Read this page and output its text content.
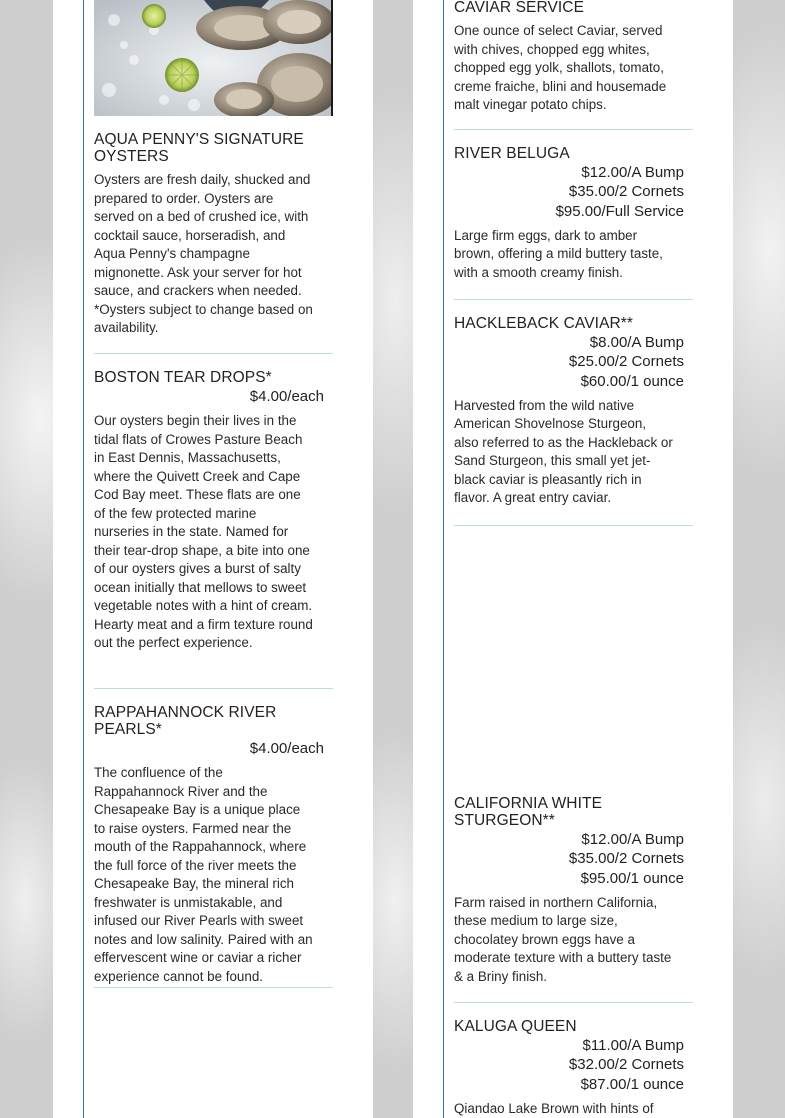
AQUA PENNY'S SIGNATURE OYSTERS
Oysters are fresh daily, shucked and prepared to order. Oysters are served on a bed of crushed ice, with cocktail sauce, horseradish, and Aqua Penny's champagne mignonette. Ask your server for hot sauce, and crackers when needed. *Oysters subject to change based on availability.
BOSTON TEAR DROPS*
$4.00/each
Our oysters begin their lives in the tidal flats of Crowes Pasture Beach in East Dennis, Massachusetts, where the Quivett Creek and Cape Cod Bay meet. These flats are one of the few protected marine nurseries in the state. Named for their tear-drop shape, a bite into one of our oysters gives a burst of salty ocean initially that mellows to sweet vegetable notes with a hint of cream. Hearty meat and a firm texture round out the perfect experience.
RAPPAHANNOCK RIVER PEARLS*
$4.00/each
The confluence of the Rappahannock River and the Chesapeake Bay is a unique place to raise oysters. Farmed near the mouth of the Rappahannock, where the full force of the river meets the Chesapeake Bay, the mineral rich freshwater is unmistakable, and infused our River Pearls with sweet notes and low salinity. Paired with an effervescent wine or caviar a richer experience cannot be found.
CAVIAR SERVICE
One ounce of select Caviar, served with chives, chopped egg whites, chopped egg yolk, shallots, tomato, creme fraiche, blini and housemade malt vinegar potato chips.
RIVER BELUGA
$12.00/A Bump
$35.00/2 Cornets
$95.00/Full Service
Large firm eggs, dark to amber brown, offering a mild buttery taste, with a smooth creamy finish.
HACKLEBACK CAVIAR**
$8.00/A Bump
$25.00/2 Cornets
$60.00/1 ounce
Harvested from the wild native American Shovelnose Sturgeon, also referred to as the Hackleback or Sand Sturgeon, this small yet jet-black caviar is pleasantly rich in flavor. A great entry caviar.
CALIFORNIA WHITE STURGEON**
$12.00/A Bump
$35.00/2 Cornets
$95.00/1 ounce
Farm raised in northern California, these medium to large size, chocolatey brown eggs have a moderate texture with a buttery taste & a Briny finish.
KALUGA QUEEN
$11.00/A Bump
$32.00/2 Cornets
$87.00/1 ounce
Qiandao Lake Brown with hints of
